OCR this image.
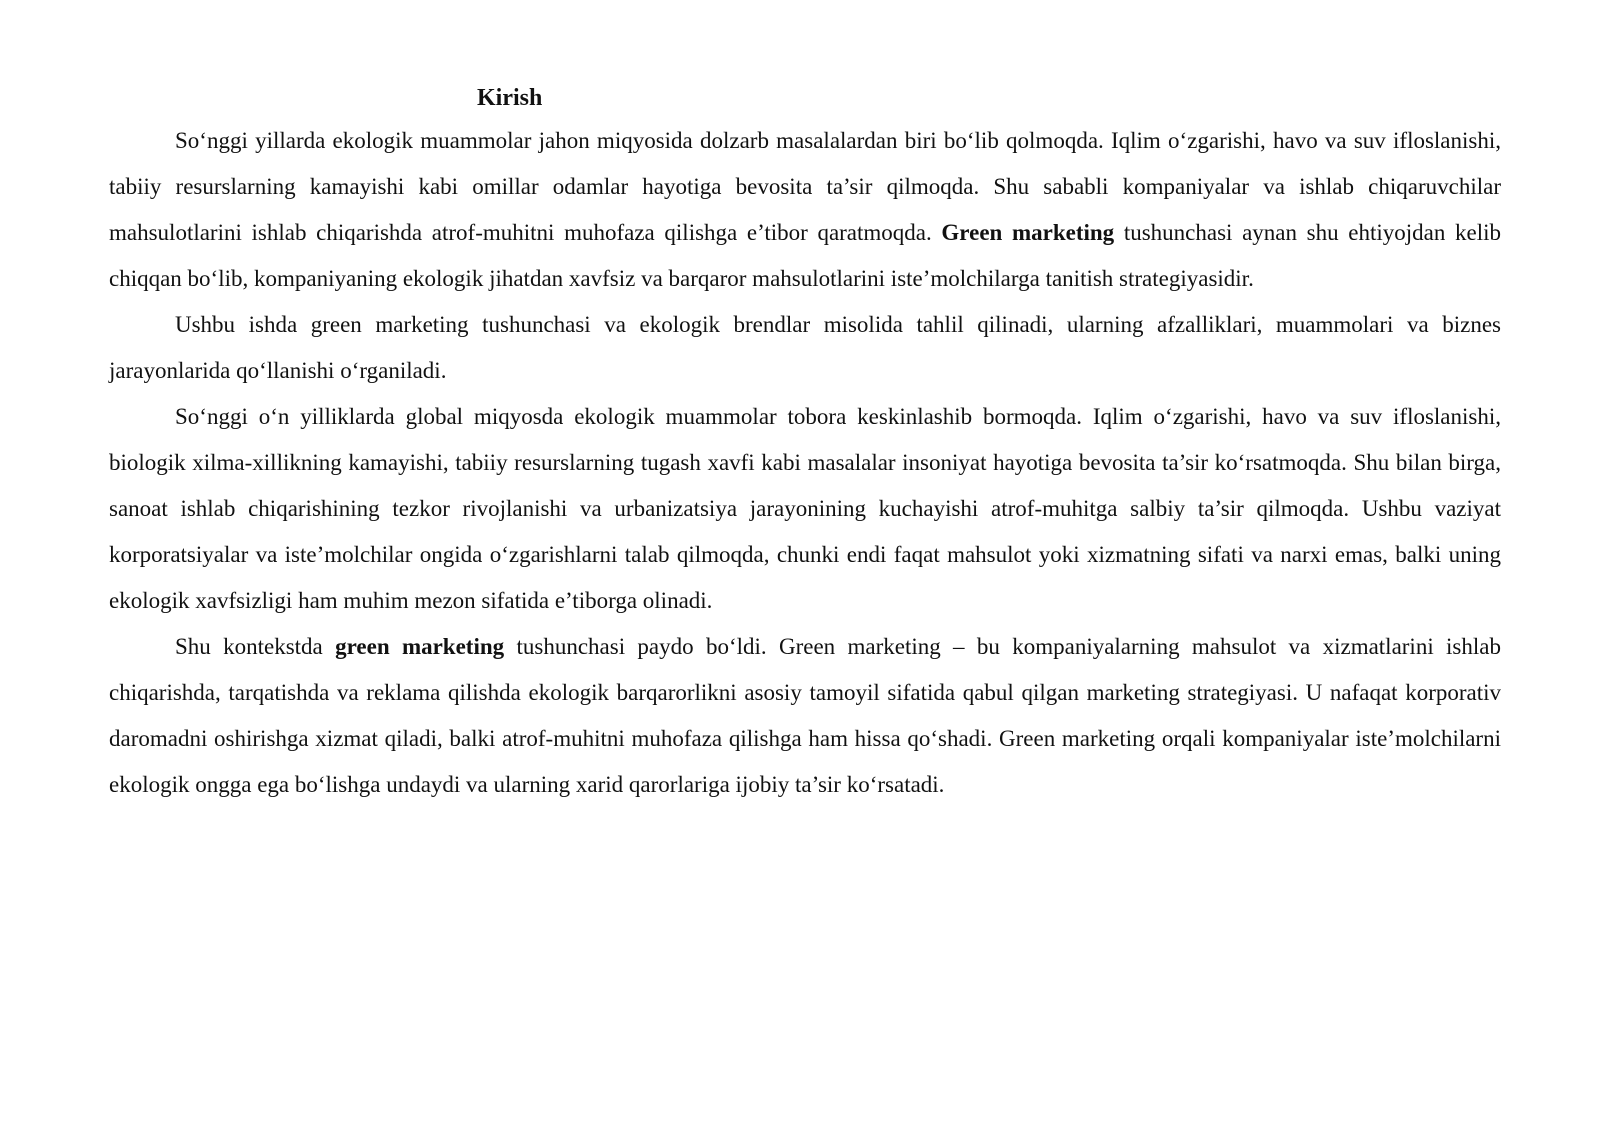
Kirish

So‘nggi yillarda ekologik muammolar jahon miqyosida dolzarb masalalardan biri bo‘lib qolmoqda. Iqlim o‘zgarishi, havo va suv ifloslanishi, tabiiy resurslarning kamayishi kabi omillar odamlar hayotiga bevosita ta’sir qilmoqda. Shu sababli kompaniyalar va ishlab chiqaruvchilar mahsulotlarini ishlab chiqarishda atrof-muhitni muhofaza qilishga e’tibor qaratmoqda. Green marketing tushunchasi aynan shu ehtiyojdan kelib chiqqan bo‘lib, kompaniyaning ekologik jihatdan xavfsiz va barqaror mahsulotlarini iste’molchilarga tanitish strategiyasidir.

Ushbu ishda green marketing tushunchasi va ekologik brendlar misolida tahlil qilinadi, ularning afzalliklari, muammolari va biznes jarayonlarida qo‘llanishi o‘rganiladi.

So‘nggi o‘n yilliklarda global miqyosda ekologik muammolar tobora keskinlashib bormoqda. Iqlim o‘zgarishi, havo va suv ifloslanishi, biologik xilma-xillikning kamayishi, tabiiy resurslarning tugash xavfi kabi masalalar insoniyat hayotiga bevosita ta’sir ko‘rsatmoqda. Shu bilan birga, sanoat ishlab chiqarishining tezkor rivojlanishi va urbanizatsiya jarayonining kuchayishi atrof-muhitga salbiy ta’sir qilmoqda. Ushbu vaziyat korporatsiyalar va iste’molchilar ongida o‘zgarishlarni talab qilmoqda, chunki endi faqat mahsulot yoki xizmatning sifati va narxi emas, balki uning ekologik xavfsizligi ham muhim mezon sifatida e’tiborga olinadi.

Shu kontekstda green marketing tushunchasi paydo bo‘ldi. Green marketing – bu kompaniyalarning mahsulot va xizmatlarini ishlab chiqarishda, tarqatishda va reklama qilishda ekologik barqarorlikni asosiy tamoyil sifatida qabul qilgan marketing strategiyasi. U nafaqat korporativ daromadni oshirishga xizmat qiladi, balki atrof-muhitni muhofaza qilishga ham hissa qo‘shadi. Green marketing orqali kompaniyalar iste’molchilarni ekologik ongga ega bo‘lishga undaydi va ularning xarid qarorlariga ijobiy ta’sir ko‘rsatadi.
